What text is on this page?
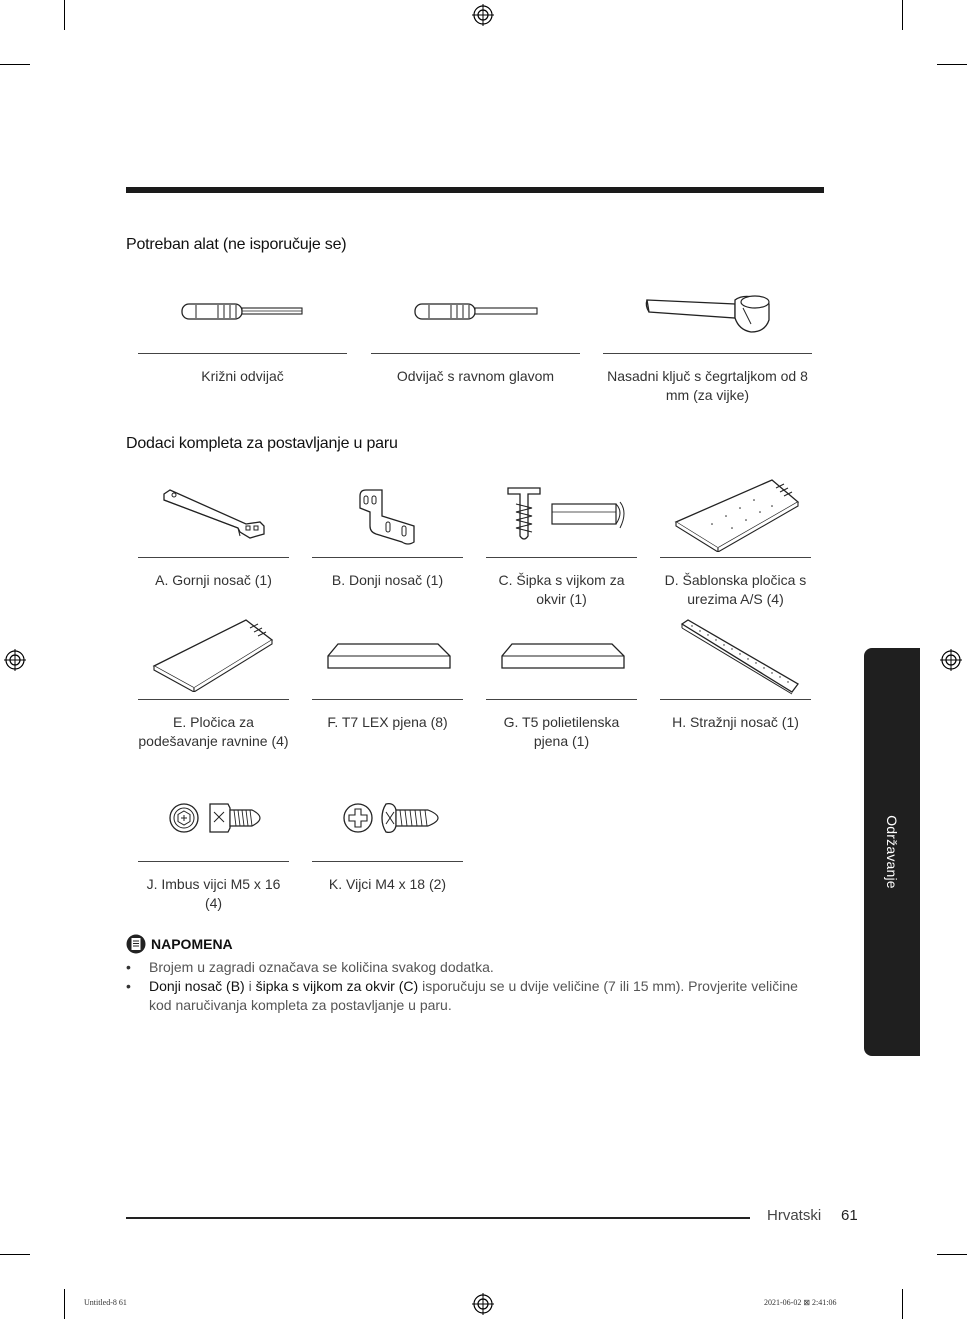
Potreban alat (ne isporučuje se)
Križni odvijač	Odvijač s ravnom glavom	Nasadni ključ s čegrtaljkom od 8 mm (za vijke)
Dodaci kompleta za postavljanje u paru
A. Gornji nosač (1)	B. Donji nosač (1)	C. Šipka s vijkom za okvir (1)
D. Šablonska pločica s urezima A/S (4)
E. Pločica za podešavanje ravnine (4)
F. T7 LEX pjena (8)	G. T5 polietilenska pjena (1)
H. Stražnji nosač (1)
J. Imbus vijci M5 x 16 (4)
K. Vijci M4 x 18 (2)
NAPOMENA
• Brojem u zagradi označava se količina svakog dodatka.
• Donji nosač (B) i šipka s vijkom za okvir (C) isporučuju se u dvije veličine (7 ili 15 mm). Provjerite veličine kod naručivanja kompleta za postavljanje u paru.
Održavanje
Hrvatski 61
Untitled-8 61	2021-06-02 ⊠ 2:41:06
